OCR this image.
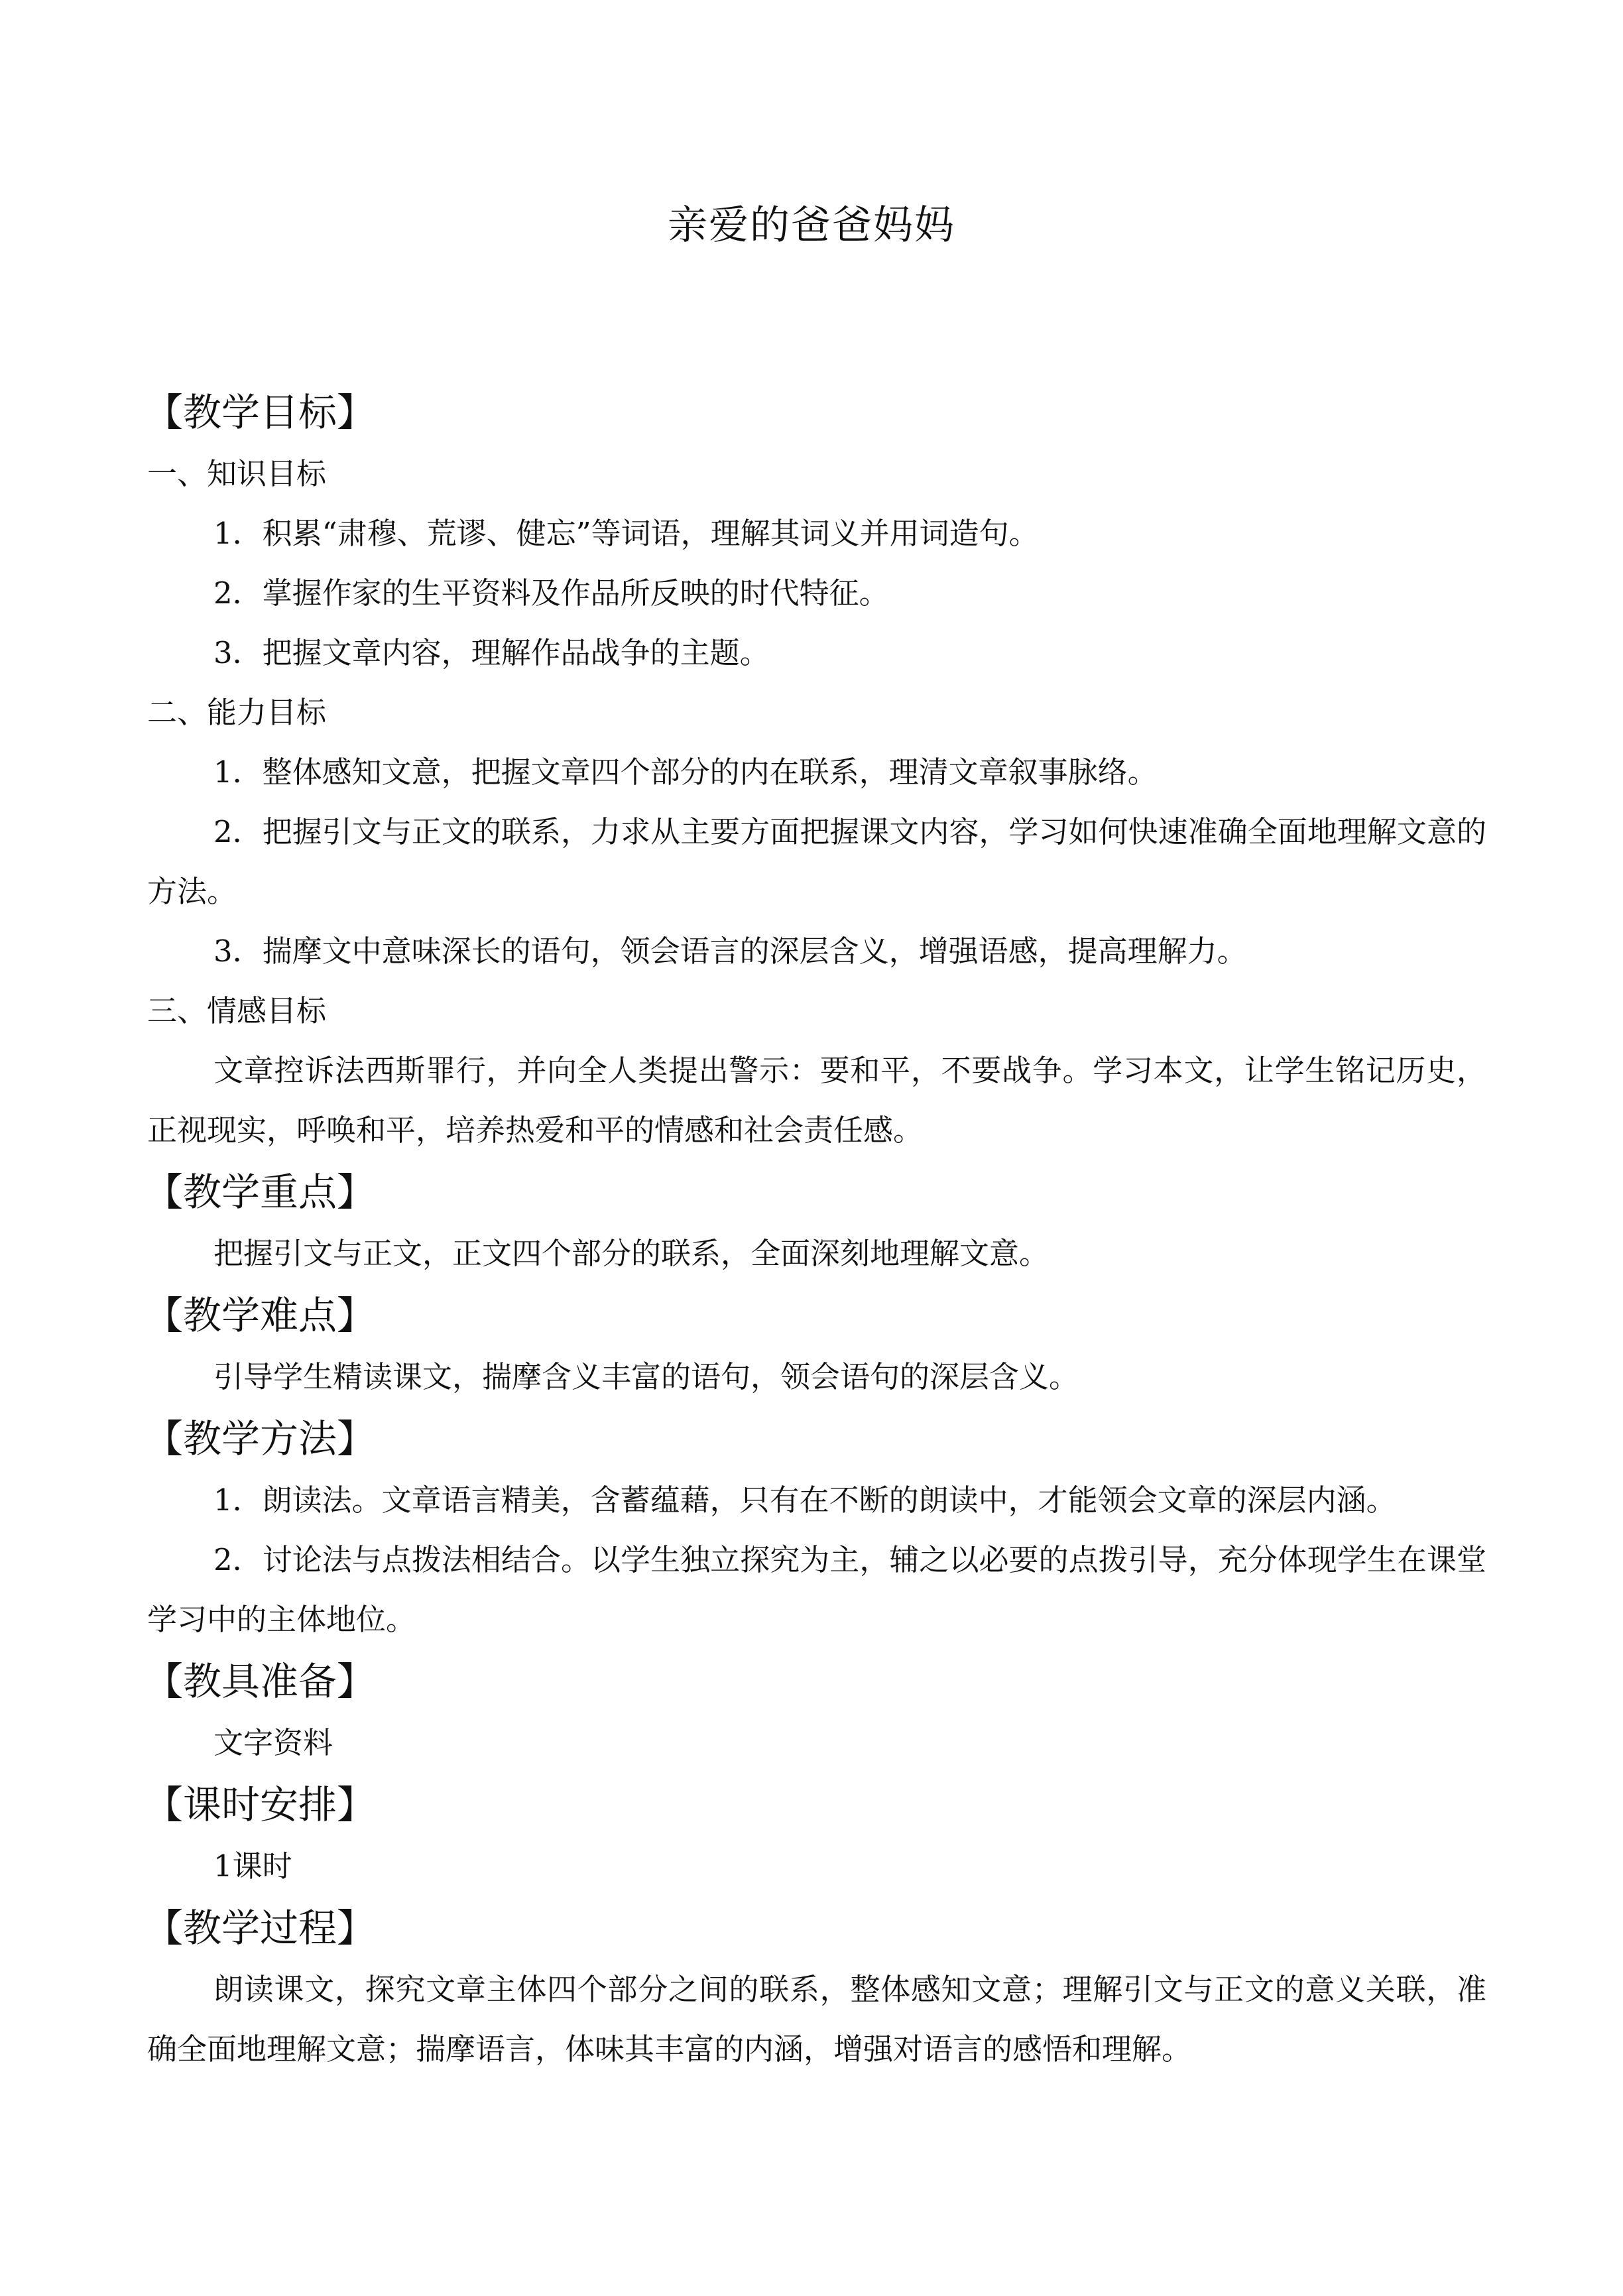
亲爱的爸爸妈妈
【教学目标】
一、知识目标

1．积累“肃穆、荒谬、健忘”等词语，理解其词义并用词造句。

2．掌握作家的生平资料及作品所反映的时代特征。

3．把握文章内容，理解作品战争的主题。

二、能力目标

1．整体感知文意，把握文章四个部分的内在联系，理清文章叙事脉络。

2．把握引文与正文的联系，力求从主要方面把握课文内容，学习如何快速准确全面地理解文意的方法。

3．揣摩文中意味深长的语句，领会语言的深层含义，增强语感，提高理解力。

三、情感目标

文章控诉法西斯罪行，并向全人类提出警示：要和平，不要战争。学习本文，让学生铭记历史，正视现实，呼唤和平，培养热爱和平的情感和社会责任感。

【教学重点】

把握引文与正文，正文四个部分的联系，全面深刻地理解文意。

【教学难点】

引导学生精读课文，揣摩含义丰富的语句，领会语句的深层含义。

【教学方法】

1．朗读法。文章语言精美，含蓄蕴藉，只有在不断的朗读中，才能领会文章的深层内涵。

2．讨论法与点拨法相结合。以学生独立探究为主，辅之以必要的点拨引导，充分体现学生在课堂学习中的主体地位。

【教具准备】

文字资料

【课时安排】

1课时

【教学过程】

朗读课文，探究文章主体四个部分之间的联系，整体感知文意；理解引文与正文的意义关联，准确全面地理解文意；揣摩语言，体味其丰富的内涵，增强对语言的感悟和理解。
